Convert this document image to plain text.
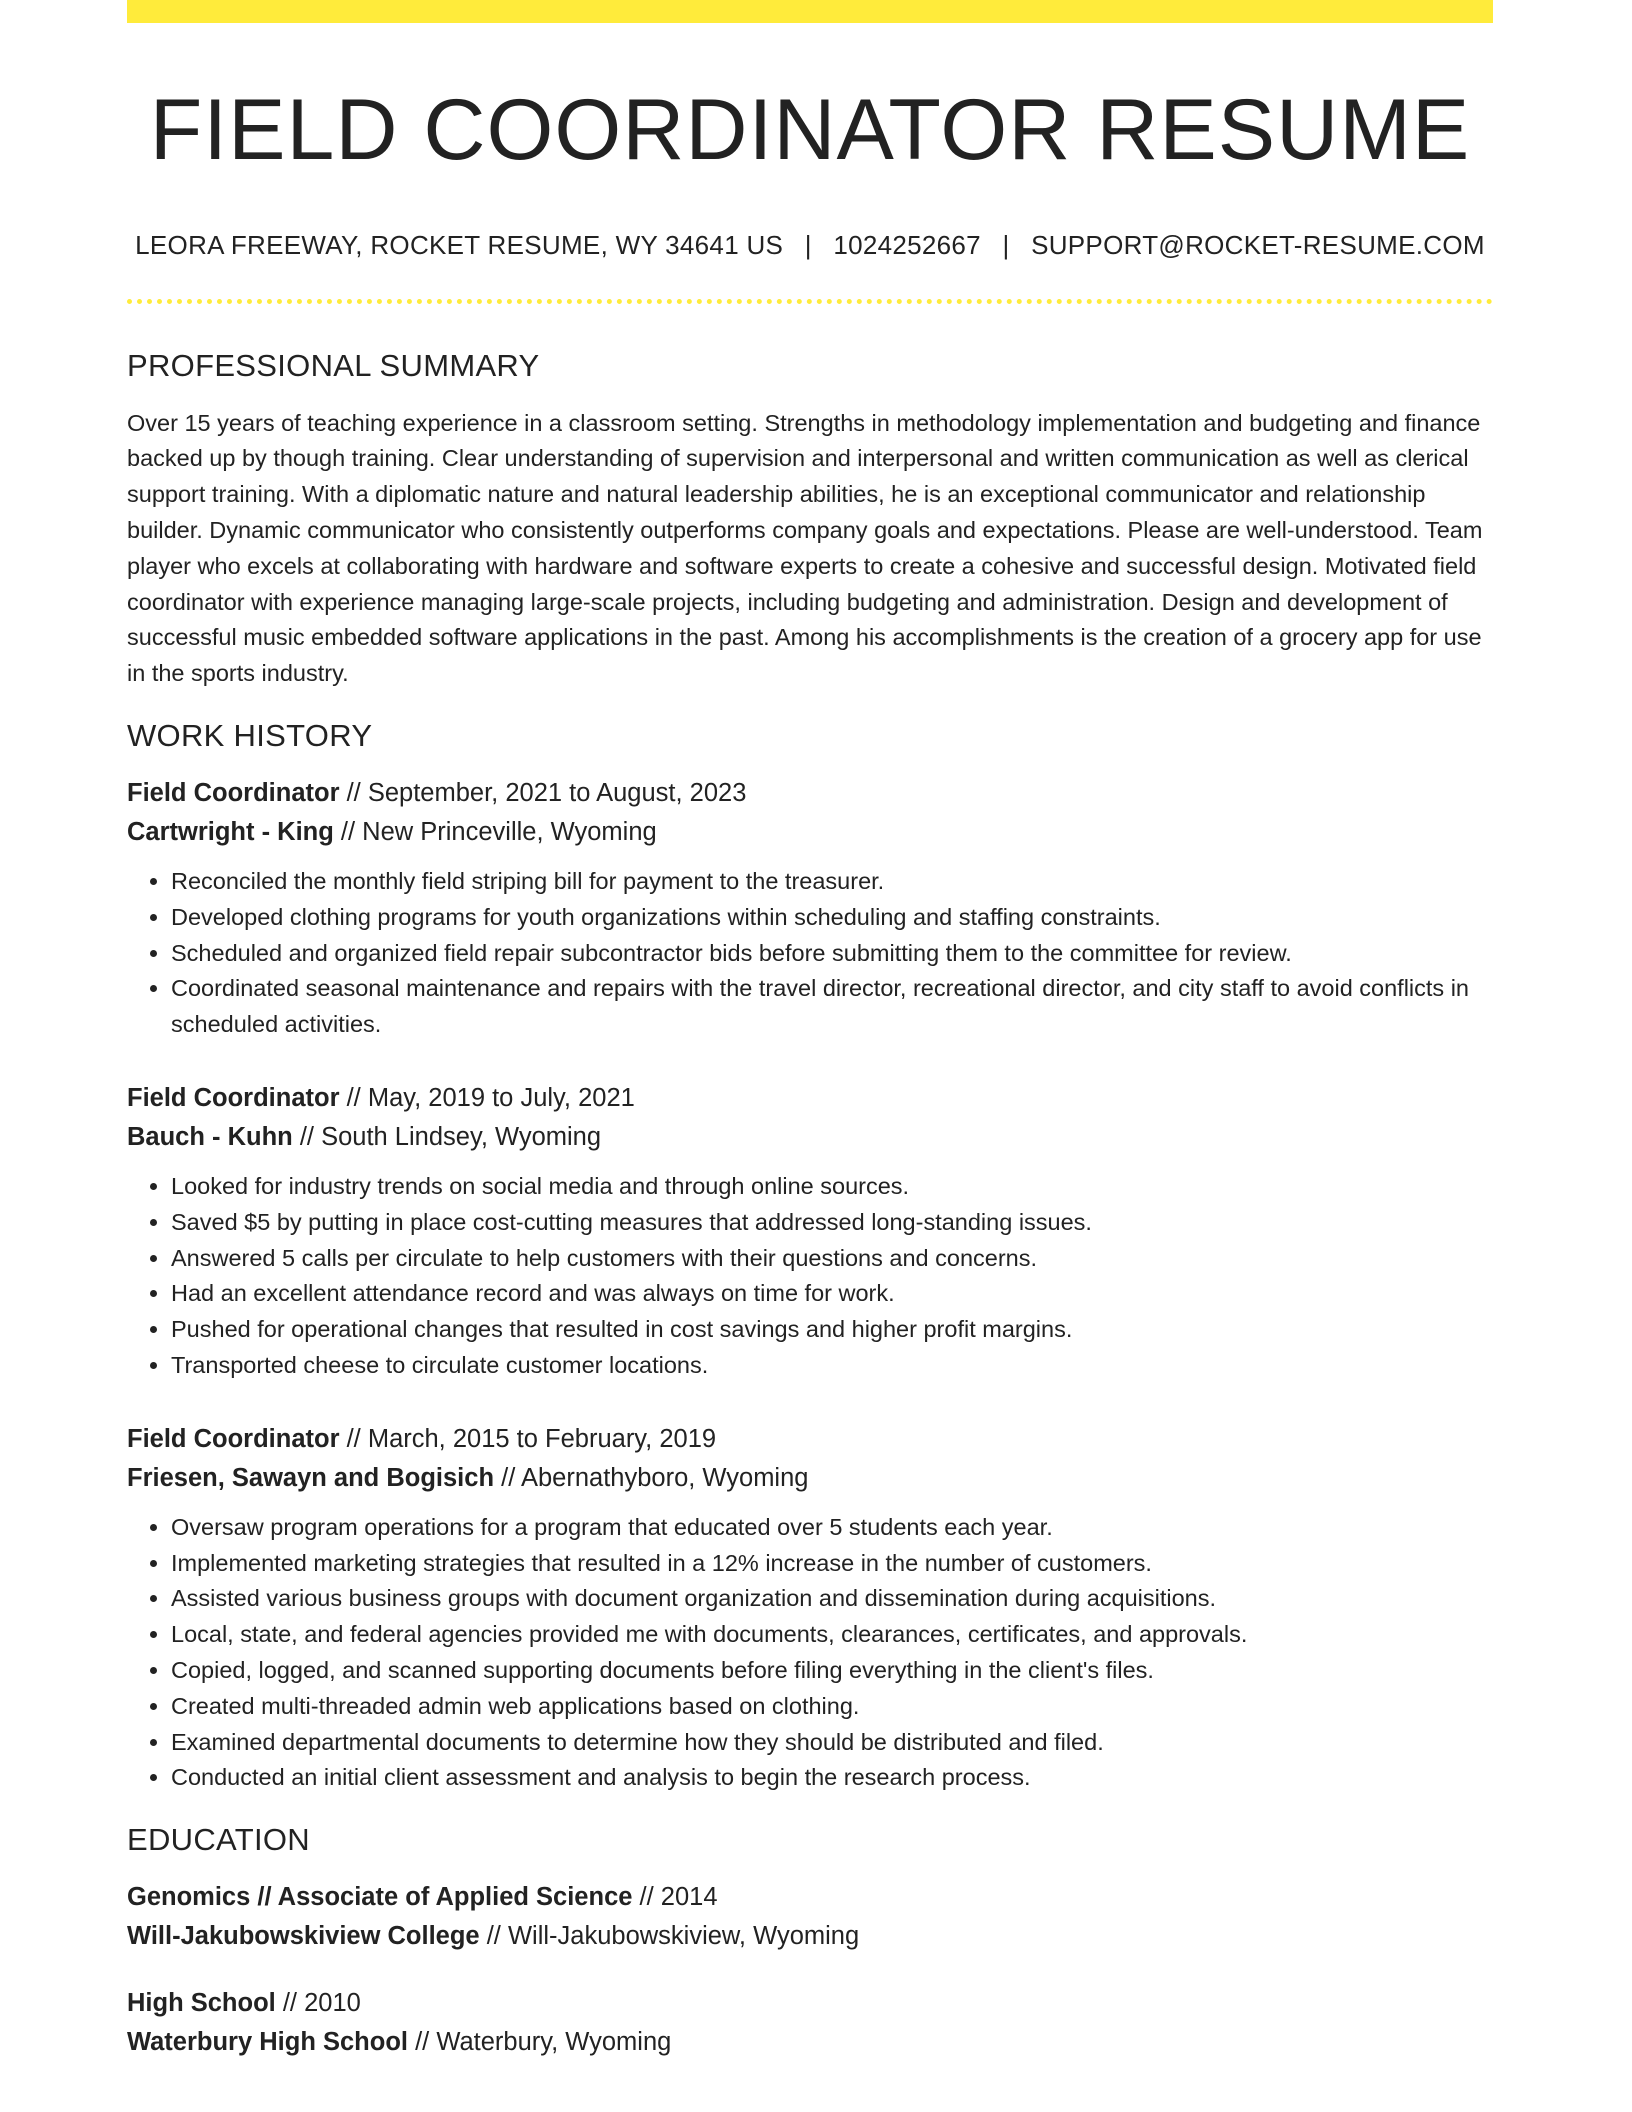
FIELD COORDINATOR RESUME
LEORA FREEWAY, ROCKET RESUME, WY 34641 US | 1024252667 | SUPPORT@ROCKET-RESUME.COM
PROFESSIONAL SUMMARY

Over 15 years of teaching experience in a classroom setting. Strengths in methodology implementation and budgeting and finance backed up by though training. Clear understanding of supervision and interpersonal and written communication as well as clerical support training. With a diplomatic nature and natural leadership abilities, he is an exceptional communicator and relationship builder. Dynamic communicator who consistently outperforms company goals and expectations. Please are well-understood. Team player who excels at collaborating with hardware and software experts to create a cohesive and successful design. Motivated field coordinator with experience managing large-scale projects, including budgeting and administration. Design and development of successful music embedded software applications in the past. Among his accomplishments is the creation of a grocery app for use in the sports industry.

WORK HISTORY
Field Coordinator // September, 2021 to August, 2023
Cartwright - King // New Princeville, Wyoming
• Reconciled the monthly field striping bill for payment to the treasurer.
• Developed clothing programs for youth organizations within scheduling and staffing constraints.
• Scheduled and organized field repair subcontractor bids before submitting them to the committee for review.
• Coordinated seasonal maintenance and repairs with the travel director, recreational director, and city staff to avoid conflicts in scheduled activities.
Field Coordinator // May, 2019 to July, 2021
Bauch - Kuhn // South Lindsey, Wyoming
• Looked for industry trends on social media and through online sources.
• Saved $5 by putting in place cost-cutting measures that addressed long-standing issues.
• Answered 5 calls per circulate to help customers with their questions and concerns.
• Had an excellent attendance record and was always on time for work.
• Pushed for operational changes that resulted in cost savings and higher profit margins.
• Transported cheese to circulate customer locations.
Field Coordinator // March, 2015 to February, 2019
Friesen, Sawayn and Bogisich // Abernathyboro, Wyoming
• Oversaw program operations for a program that educated over 5 students each year.
• Implemented marketing strategies that resulted in a 12% increase in the number of customers.
• Assisted various business groups with document organization and dissemination during acquisitions.
• Local, state, and federal agencies provided me with documents, clearances, certificates, and approvals.
• Copied, logged, and scanned supporting documents before filing everything in the client's files.
• Created multi-threaded admin web applications based on clothing.
• Examined departmental documents to determine how they should be distributed and filed.
• Conducted an initial client assessment and analysis to begin the research process.
EDUCATION
Genomics // Associate of Applied Science // 2014
Will-Jakubowskiview College // Will-Jakubowskiview, Wyoming
High School // 2010
Waterbury High School // Waterbury, Wyoming
